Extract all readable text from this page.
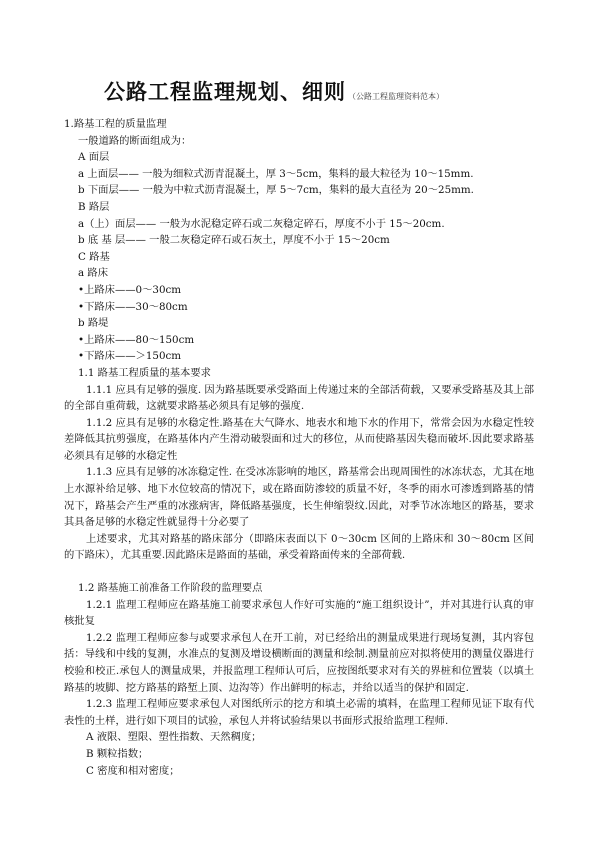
公路工程监理规划、细则 （公路工程监理资料范本）
1.路基工程的质量监理
一般道路的断面组成为：
A 面层
a 上面层—— 一般为细粒式沥青混凝土，厚 3～5cm，集料的最大粒径为 10～15mm.
b 下面层—— 一般为中粒式沥青混凝土，厚 5～7cm，集料的最大直径为 20～25mm.
B 路层
a（上）面层—— 一般为水泥稳定碎石或二灰稳定碎石，厚度不小于 15～20cm.
b 底 基 层—— 一般二灰稳定碎石或石灰土，厚度不小于 15～20cm
C 路基
a 路床
•上路床——0～30cm
•下路床——30～80cm
b 路堤
•上路床——80～150cm
•下路床——＞150cm
1.1 路基工程质量的基本要求
1.1.1 应具有足够的强度. 因为路基既要承受路面上传递过来的全部活荷载，又要承受路基及其上部的全部自重荷载，这就要求路基必须具有足够的强度.
1.1.2 应具有足够的水稳定性.路基在大气降水、地表水和地下水的作用下，常常会因为水稳定性较差降低其抗剪强度，在路基体内产生滑动破裂面和过大的移位，从而使路基因失稳而破坏.因此要求路基必须具有足够的水稳定性
1.1.3 应具有足够的冰冻稳定性. 在受冰冻影响的地区，路基常会出现周围性的冰冻状态，尤其在地上水源补给足够、地下水位较高的情况下，或在路面防渗较的质量不好，冬季的雨水可渗透到路基的情况下，路基会产生严重的冰涨病害，降低路基强度，长生伸缩裂纹.因此，对季节冰冻地区的路基，要求其具备足够的水稳定性就显得十分必要了
上述要求，尤其对路基的路床部分（即路床表面以下 0～30cm 区间的上路床和 30～80cm 区间的下路床），尤其重要.因此路床是路面的基础，承受着路面传来的全部荷载.
1.2 路基施工前准备工作阶段的监理要点
1.2.1 监理工程师应在路基施工前要求承包人作好可实施的“施工组织设计”，并对其进行认真的审核批复
1.2.2 监理工程师应参与或要求承包人在开工前，对已经给出的测量成果进行现场复测，其内容包括：导线和中线的复测，水准点的复测及增设横断面的测量和绘制.测量前应对拟将使用的测量仪器进行校验和校正.承包人的测量成果，并报监理工程师认可后，应按图纸要求对有关的界桩和位置装（以填土路基的坡脚、挖方路基的路堑上顶、边沟等）作出鲜明的标志，并给以适当的保护和固定.
1.2.3 监理工程师应要求承包人对图纸所示的挖方和填土必需的填料，在监理工程师见证下取有代表性的土样，进行如下项目的试验，承包人并将试验结果以书面形式报给监理工程师.
A 液限、塑限、塑性指数、天然稠度；
B 颗粒指数；
C 密度和相对密度；
